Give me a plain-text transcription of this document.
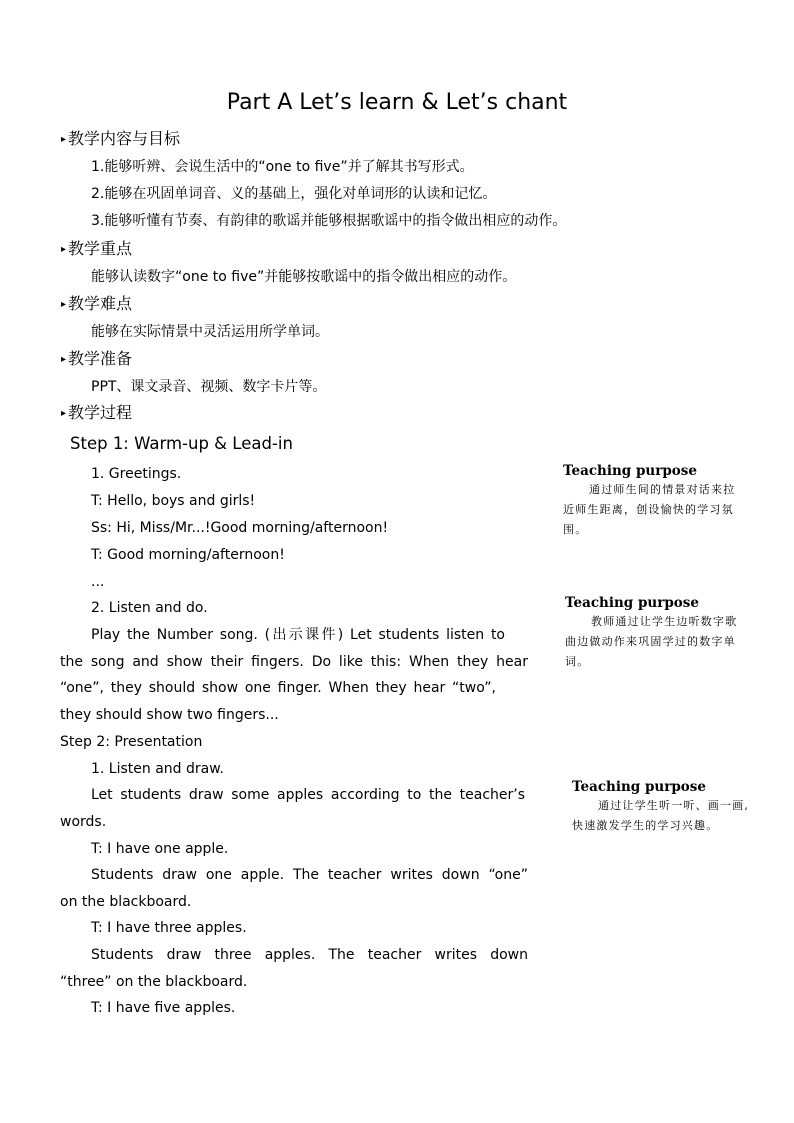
Part A Let’s learn & Let’s chant
▸ 教学内容与目标
1.能够听辨、会说生活中的“one to five”并了解其书写形式。
2.能够在巩固单词音、义的基础上，强化对单词形的认读和记忆。
3.能够听懂有节奏、有韵律的歌谣并能够根据歌谣中的指令做出相应的动作。
▸ 教学重点
能够认读数字“one to five”并能够按歌谣中的指令做出相应的动作。
▸ 教学难点
能够在实际情景中灵活运用所学单词。
▸ 教学准备
PPT、课文录音、视频、数字卡片等。
▸ 教学过程
Step 1: Warm-up & Lead-in
1. Greetings.
T: Hello, boys and girls!
Ss: Hi, Miss/Mr...!Good morning/afternoon!
T: Good morning/afternoon!
...
2. Listen and do.
Play the Number song. (出示课件) Let students listen to
the song and show their fingers. Do like this: When they hear
“one”, they should show one finger. When they hear “two”,
they should show two fingers...
Step 2: Presentation
1. Listen and draw.
Let students draw some apples according to the teacher’s
words.
T: I have one apple.
Students draw one apple. The teacher writes down “one”
on the blackboard.
T: I have three apples.
Students draw three apples. The teacher writes down
“three” on the blackboard.
T: I have five apples.
Teaching purpose
通过师生间的情景对话来拉近师生距离，创设愉快的学习氛围。
Teaching purpose
教师通过让学生边听数字歌曲边做动作来巩固学过的数字单词。
Teaching purpose
通过让学生听一听、画一画,快速激发学生的学习兴趣。
